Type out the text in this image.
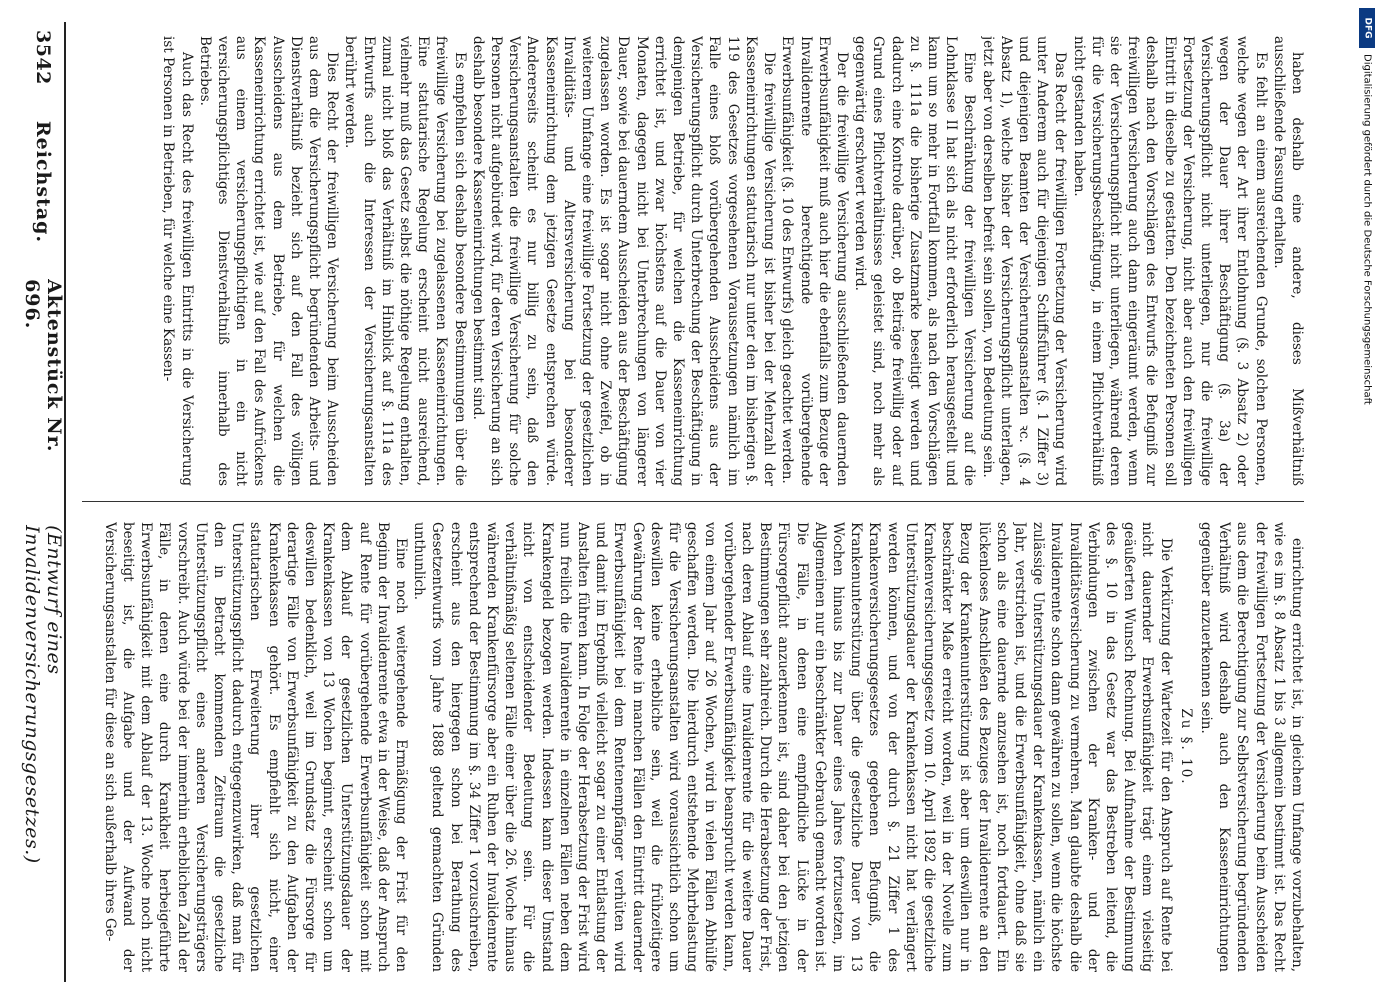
haben deshalb eine andere, dieses Mißverhältniß ausschließende Fassung erhalten.

Es fehlt an einem ausreichenden Grunde, solchen Personen, welche wegen der Art ihrer Entlohnung (§. 3 Absatz 2) oder wegen der Dauer ihrer Beschäftigung (§. 3a) der Versicherungspflicht nicht unterliegen, nur die freiwillige Fortsetzung der Versicherung, nicht aber auch den freiwilligen Eintritt in dieselbe zu gestatten. Den bezeichneten Personen soll deshalb nach den Vorschlägen des Entwurfs die Befugniß zur freiwilligen Versicherung auch dann eingeräumt werden, wenn sie der Versicherungspflicht nicht unterliegen, während deren für die Versicherungsbeschäftigung, in einem Pflichtverhältniß nicht gestanden haben.

Das Recht der freiwilligen Fortsetzung der Versicherung wird unter Anderem auch für diejenigen Schiffsführer (§. 1 Ziffer 3) und diejenigen Beamten der Versicherungsanstalten ꝛc. (§. 4 Absatz 1), welche bisher der Versicherungspflicht unterlagen, jetzt aber von derselben befreit sein sollen, von Bedeutung sein.

Eine Beschränkung der freiwilligen Versicherung auf die Lohnklasse II hat sich als nicht erforderlich herausgestellt und kann um so mehr in Fortfall kommen, als nach den Vorschlägen zu §. 111a die bisherige Zusatzmarke beseitigt werden und dadurch eine Kontrole darüber, ob Beiträge freiwillig oder auf Grund eines Pflichtverhältnisses geleistet sind, noch mehr als gegenwärtig erschwert werden wird.

Der die freiwillige Versicherung ausschließenden dauernden Erwerbsunfähigkeit muß auch hier die ebenfalls zum Bezuge der Invalidenrente berechtigende vorübergehende Erwerbsunfähigkeit (§. 10 des Entwurfs) gleich geachtet werden.

Die freiwillige Versicherung ist bisher bei der Mehrzahl der Kasseneinrichtungen statutarisch nur unter den im bisherigen §. 119 des Gesetzes vorgesehenen Voraussetzungen nämlich im Falle eines bloß vorübergehenden Ausscheidens aus der Versicherungspflicht durch Unterbrechung der Beschäftigung in demjenigen Betriebe, für welchen die Kasseneinrichtung errichtet ist, und zwar höchstens auf die Dauer von vier Monaten, dagegen nicht bei Unterbrechungen von längerer Dauer, sowie bei dauerndem Ausscheiden aus der Beschäftigung zugelassen worden. Es ist sogar nicht ohne Zweifel, ob in weiterem Umfange eine freiwillige Fortsetzung der gesetzlichen Invaliditäts- und Altersversicherung bei besonderer Kasseneinrichtung dem jetzigen Gesetze entsprechen würde. Andererseits scheint es nur billig zu sein, daß den Versicherungsanstalten die freiwillige Versicherung für solche Personen nicht aufgebürdet wird, für deren Versicherung an sich deshalb besondere Kasseneinrichtungen bestimmt sind.

Es empfehlen sich deshalb besondere Bestimmungen über die freiwillige Versicherung bei zugelassenen Kasseneinrichtungen. Eine statutarische Regelung erscheint nicht ausreichend, vielmehr muß das Gesetz selbst die nöthige Regelung enthalten, zumal nicht bloß das Verhältniß im Hinblick auf §. 111a des Entwurfs auch die Interessen der Versicherungsanstalten berührt werden.

Dies Recht der freiwilligen Versicherung beim Ausscheiden aus dem die Versicherungspflicht begründenden Arbeits- und Dienstverhältniß bezieht sich auf den Fall des völligen Ausscheidens aus dem Betriebe, für welchen die Kasseneinrichtung errichtet ist, wie auf den Fall des Aufrückens aus einem versicherungspflichtigen in ein nicht versicherungspflichtiges Dienstverhältniß innerhalb des Betriebes.

Auch das Recht des freiwilligen Eintritts in die Versicherung ist Personen in Betrieben, für welche eine Kassen-

einrichtung errichtet ist, in gleichem Umfange vorzubehalten, wie es im §. 8 Absatz 1 bis 3 allgemein bestimmt ist. Das Recht der freiwilligen Fortsetzung der Versicherung beim Ausscheiden aus dem die Berechtigung zur Selbstversicherung begründenden Verhältniß wird deshalb auch den Kasseneinrichtungen gegenüber anzuerkennen sein.

Zu §. 10.

Die Verkürzung der Wartezeit für den Anspruch auf Rente bei nicht dauernder Erwerbsunfähigkeit trägt einem vielseitig geäußerten Wunsch Rechnung. Bei Aufnahme der Bestimmung des §. 10 in das Gesetz war das Bestreben leitend, die Verbindungen zwischen der Kranken- und der Invaliditätsversicherung zu vermehren. Man glaubte deshalb die Invalidenrente schon dann gewähren zu sollen, wenn die höchste zulässige Unterstützungsdauer der Krankenkassen, nämlich ein Jahr, verstrichen ist, und die Erwerbsunfähigkeit, ohne daß sie schon als eine dauernde anzusehen ist, noch fortdauert. Ein lückenloses Anschließen des Bezuges der Invalidenrente an den Bezug der Krankenunterstützung ist aber um deswillen nur in beschränkter Maße erreicht worden, weil in der Novelle zum Krankenversicherungsgesetz vom 10. April 1892 die gesetzliche Unterstützungsdauer der Krankenkassen nicht hat verlängert werden können, und von der durch §. 21 Ziffer 1 des Krankenversicherungsgesetzes gegebenen Befugniß, die Krankenunterstützung über die gesetzliche Dauer von 13 Wochen hinaus bis zur Dauer eines Jahres fortzusetzen, im Allgemeinen nur ein beschränkter Gebrauch gemacht worden ist. Die Fälle, in denen eine empfindliche Lücke in der Fürsorgepflicht anzuerkennen ist, sind daher bei den jetzigen Bestimmungen sehr zahlreich. Durch die Herabsetzung der Frist, nach deren Ablauf eine Invalidenrente für die weitere Dauer vorübergehender Erwerbsunfähigkeit beansprucht werden kann, von einem Jahr auf 26 Wochen, wird in vielen Fällen Abhülfe geschaffen werden. Die hierdurch entstehende Mehrbelastung für die Versicherungsanstalten wird voraussichtlich schon um deswillen keine erhebliche sein, weil die frühzeitigere Gewährung der Rente in manchen Fällen den Eintritt dauernder Erwerbsunfähigkeit bei dem Rentenempfänger verhüten wird und damit im Ergebniß vielleicht sogar zu einer Entlastung der Anstalten führen kann. In Folge der Herabsetzung der Frist wird nun freilich die Invalidenrente in einzelnen Fällen neben dem Krankengeld bezogen werden. Indessen kann dieser Umstand nicht von entscheidender Bedeutung sein. Für die verhältnißmäßig seltenen Fälle einer über die 26. Woche hinaus währenden Krankenfürsorge aber ein Ruhen der Invalidenrente entsprechend der Bestimmung im §. 34 Ziffer 1 vorzuschreiben, erscheint aus den hiergegen schon bei Berathung des Gesetzentwurfs vom Jahre 1888 geltend gemachten Gründen unthunlich.

Eine noch weitergehende Ermäßigung der Frist für den Beginn der Invalidenrente etwa in der Weise, daß der Anspruch auf Rente für vorübergehende Erwerbsunfähigkeit schon mit dem Ablauf der gesetzlichen Unterstützungsdauer der Krankenkassen von 13 Wochen beginnt, erscheint schon um deswillen bedenklich, weil im Grundsatz die Fürsorge für derartige Fälle von Erwerbsunfähigkeit zu den Aufgaben der Krankenkassen gehört. Es empfiehlt sich nicht, einer statutarischen Erweiterung ihrer gesetzlichen Unterstützungspflicht dadurch entgegenzuwirken, daß man für den in Betracht kommenden Zeitraum die gesetzliche Unterstützungspflicht eines anderen Versicherungsträgers vorschreibt. Auch würde bei der immerhin erheblichen Zahl der Fälle, in denen eine durch Krankheit herbeigeführte Erwerbsunfähigkeit mit dem Ablauf der 13. Woche noch nicht beseitigt ist, die Aufgabe und der Aufwand der Versicherungsanstalten für diese an sich außerhalb ihres Ge-

3542
Reichstag.
Aktenstück Nr. 696.
(Entwurf eines Invalidenversicherungsgesetzes.)
DFG
Digitalisierung gefördert durch die Deutsche Forschungsgemeinschaft
